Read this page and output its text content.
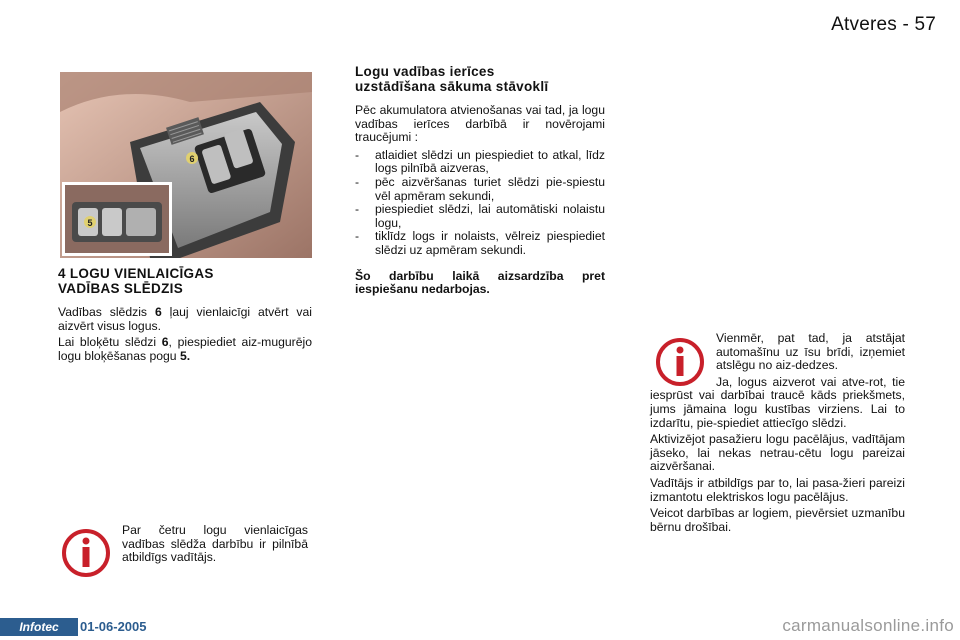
Atveres - 57
6
5
4 LOGU VIENLAICĪGAS
VADĪBAS SLĒDZIS

Vadības slēdzis 6 ļauj vienlaicīgi atvērt vai aizvērt visus logus.

Lai bloķētu slēdzi 6, piespiediet aiz-mugurējo logu bloķēšanas pogu 5.

Logu vadības ierīces
uzstādīšana sākuma stāvoklī

Pēc akumulatora atvienošanas vai tad, ja logu vadības ierīces darbībā ir novērojami traucējumi :

- atlaidiet slēdzi un piespiediet to atkal, līdz logs pilnībā aizveras,
- pēc aizvēršanas turiet slēdzi pie-spiestu vēl apmēram sekundi,
- piespiediet slēdzi, lai automātiski nolaistu logu,
- tiklīdz logs ir nolaists, vēlreiz piespiediet slēdzi uz apmēram sekundi.

Šo darbību laikā aizsardzība pret iespiešanu nedarbojas.

Par četru logu vienlaicīgas vadības slēdža darbību ir pilnībā atbildīgs vadītājs.

Vienmēr, pat tad, ja atstājat automašīnu uz īsu brīdi, izņemiet atslēgu no aiz-dedzes.

Ja, logus aizverot vai atve-rot, tie iesprūst vai darbībai traucē kāds priekšmets, jums jāmaina logu kustības virziens. Lai to izdarītu, pie-spiediet attiecīgo slēdzi.

Aktivizējot pasažieru logu pacēlājus, vadītājam jāseko, lai nekas netrau-cētu logu pareizai aizvēršanai.

Vadītājs ir atbildīgs par to, lai pasa-žieri pareizi izmantotu elektriskos logu pacēlājus.

Veicot darbības ar logiem, pievērsiet uzmanību bērnu drošībai.

Infotec	01-06-2005	carmanualsonline.info
